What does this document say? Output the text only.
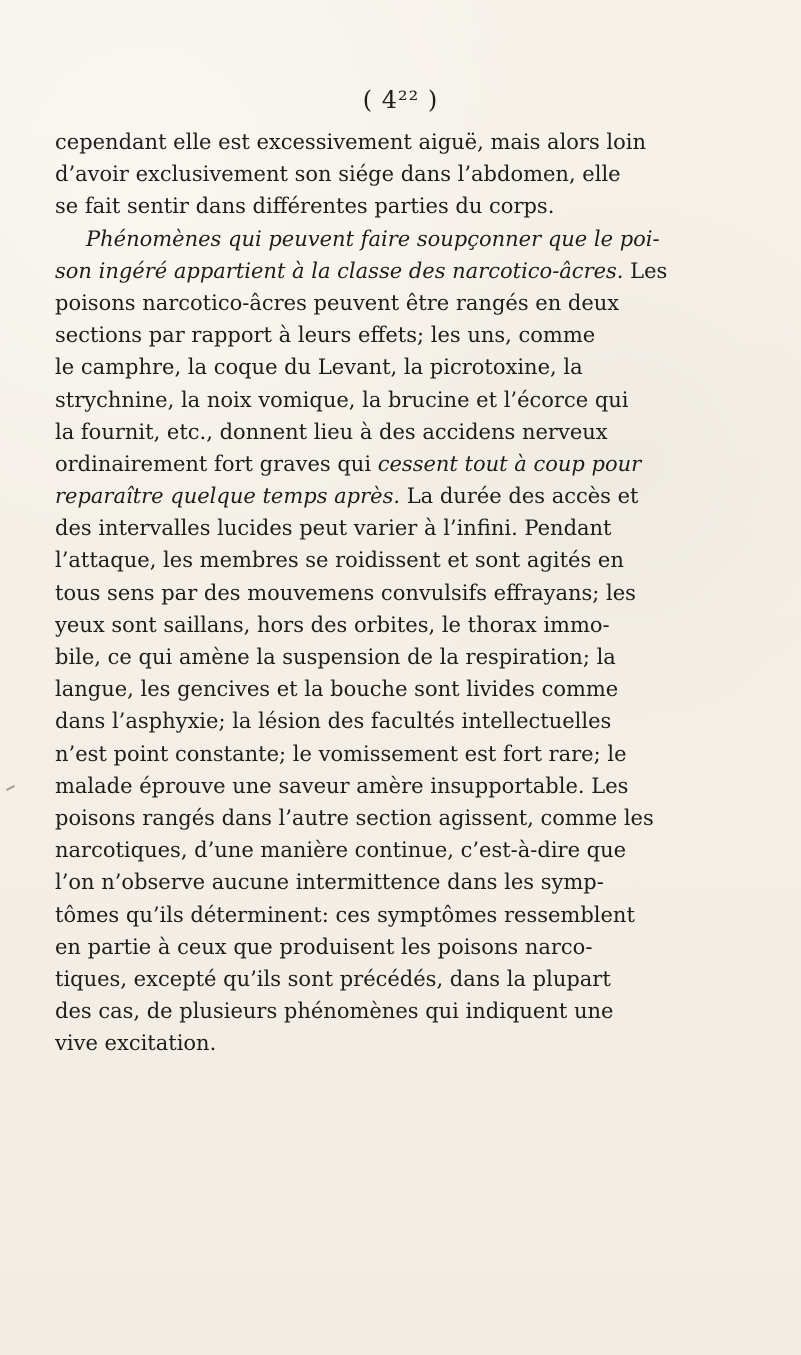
( 4²² )
cependant elle est excessivement aiguë, mais alors loin
d’avoir exclusivement son siége dans l’abdomen, elle
se fait sentir dans différentes parties du corps.
Phénomènes qui peuvent faire soupçonner que le poi-
son ingéré appartient à la classe des narcotico-âcres. Les
poisons narcotico-âcres peuvent être rangés en deux
sections par rapport à leurs effets; les uns, comme
le camphre, la coque du Levant, la picrotoxine, la
strychnine, la noix vomique, la brucine et l’écorce qui
la fournit, etc., donnent lieu à des accidens nerveux
ordinairement fort graves qui cessent tout à coup pour
reparaître quelque temps après. La durée des accès et
des intervalles lucides peut varier à l’infini. Pendant
l’attaque, les membres se roidissent et sont agités en
tous sens par des mouvemens convulsifs effrayans; les
yeux sont saillans, hors des orbites, le thorax immo-
bile, ce qui amène la suspension de la respiration; la
langue, les gencives et la bouche sont livides comme
dans l’asphyxie; la lésion des facultés intellectuelles
n’est point constante; le vomissement est fort rare; le
malade éprouve une saveur amère insupportable. Les
poisons rangés dans l’autre section agissent, comme les
narcotiques, d’une manière continue, c’est-à-dire que
l’on n’observe aucune intermittence dans les symp-
tômes qu’ils déterminent: ces symptômes ressemblent
en partie à ceux que produisent les poisons narco-
tiques, excepté qu’ils sont précédés, dans la plupart
des cas, de plusieurs phénomènes qui indiquent une
vive excitation.
